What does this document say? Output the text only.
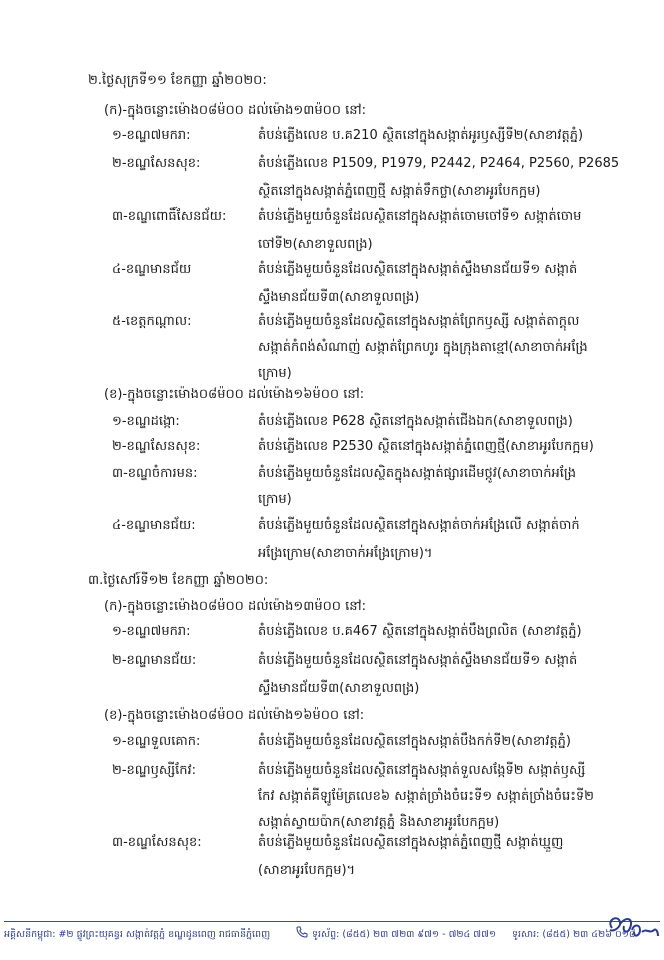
២.ថ្ងៃសុក្រទី១១ ខែកញ្ញា ឆ្នាំ២០២០:
(ក)-ក្នុងចន្លោះម៉ោង០៨ម៉០០ ដល់ម៉ោង១៣ម៉០០ នៅ:
១-ខណ្ឌ៧មករា:	តំបន់ភ្លើងលេខ ប.គ210 ស្ថិតនៅក្នុងសង្កាត់អូរឫស្សីទី២(សាខាវត្តភ្នំ)
២-ខណ្ឌសែនសុខ:	តំបន់ភ្លើងលេខ P1509, P1979, P2442, P2464, P2560, P2685
ស្ថិតនៅក្នុងសង្កាត់ភ្នំពេញថ្មី សង្កាត់ទឹកថ្លា(សាខាអូរបែកក្អម)
៣-ខណ្ឌពោធិ៍សែនជ័យ: តំបន់ភ្លើងមួយចំនួនដែលស្ថិតនៅក្នុងសង្កាត់ចោមចៅទី១ សង្កាត់ចោម
ចៅទី២(សាខាទួលពង្រ)
៤-ខណ្ឌមានជ័យ	តំបន់ភ្លើងមួយចំនួនដែលស្ថិតនៅក្នុងសង្កាត់ស្ទឹងមានជ័យទី១ សង្កាត់
ស្ទឹងមានជ័យទី៣(សាខាទួលពង្រ)
៥-ខេត្តកណ្ដាល:	តំបន់ភ្លើងមួយចំនួនដែលស្ថិតនៅក្នុងសង្កាត់ព្រែកឫស្សី សង្កាត់តាក្ដុល
សង្កាត់កំពង់សំណាញ់ សង្កាត់ព្រែកហូរ ក្នុងក្រុងតាខ្មៅ(សាខាចាក់អង្រែ
ក្រោម)
(ខ)-ក្នុងចន្លោះម៉ោង០៨ម៉០០ ដល់ម៉ោង១៦ម៉០០ នៅ:
១-ខណ្ឌដង្កោ:	តំបន់ភ្លើងលេខ P628 ស្ថិតនៅក្នុងសង្កាត់ជើងឯក(សាខាទួលពង្រ)
២-ខណ្ឌសែនសុខ:	តំបន់ភ្លើងលេខ P2530 ស្ថិតនៅក្នុងសង្កាត់ភ្នំពេញថ្មី(សាខាអូរបែកក្អម)
៣-ខណ្ឌចំការមន:	តំបន់ភ្លើងមួយចំនួនដែលស្ថិតក្នុងសង្កាត់ផ្សារដើមថ្កូវ(សាខាចាក់អង្រែ
ក្រោម)
៤-ខណ្ឌមានជ័យ:	តំបន់ភ្លើងមួយចំនួនដែលស្ថិតនៅក្នុងសង្កាត់ចាក់អង្រែលើ សង្កាត់ចាក់
អង្រែក្រោម(សាខាចាក់អង្រែក្រោម)។
៣.ថ្ងៃសៅរ៍ទី១២ ខែកញ្ញា ឆ្នាំ២០២០:
(ក)-ក្នុងចន្លោះម៉ោង០៨ម៉០០ ដល់ម៉ោង១៣ម៉០០ នៅ:
១-ខណ្ឌ៧មករា:	តំបន់ភ្លើងលេខ ប.គ467 ស្ថិតនៅក្នុងសង្កាត់បឹងព្រលិត (សាខាវត្តភ្នំ)
២-ខណ្ឌមានជ័យ:	តំបន់ភ្លើងមួយចំនួនដែលស្ថិតនៅក្នុងសង្កាត់ស្ទឹងមានជ័យទី១ សង្កាត់
ស្ទឹងមានជ័យទី៣(សាខាទួលពង្រ)
(ខ)-ក្នុងចន្លោះម៉ោង០៨ម៉០០ ដល់ម៉ោង១៦ម៉០០ នៅ:
១-ខណ្ឌទួលគោក:	តំបន់ភ្លើងមួយចំនួនដែលស្ថិតនៅក្នុងសង្កាត់បឹងកក់ទី២(សាខាវត្តភ្នំ)
២-ខណ្ឌឫស្សីកែវ:	តំបន់ភ្លើងមួយចំនួនដែលស្ថិតនៅក្នុងសង្កាត់ទួលសង្កែទី២ សង្កាត់ឫស្សី
កែវ សង្កាត់គីឡូម៉ែត្រលេខ៦ សង្កាត់ច្រាំងចំរេះទី១ សង្កាត់ច្រាំងចំរេះទី២
សង្កាត់ស្វាយប៉ាក(សាខាវត្តភ្នំ និងសាខាអូរបែកក្អម)
៣-ខណ្ឌសែនសុខ:	តំបន់ភ្លើងមួយចំនួនដែលស្ថិតនៅក្នុងសង្កាត់ភ្នំពេញថ្មី សង្កាត់ឃ្មួញ
(សាខាអូរបែកក្អម)។
អគ្គិសនីកម្ពុជា: #២ ផ្លូវព្រះយុគន្ធរ សង្កាត់វត្តភ្នំ ខណ្ឌដូនពេញ រាជធានីភ្នំពេញ	ទូរស័ព្ទ: (៨៥៥) ២៣ ៧២៣ ៩៧១ - ៧២៤ ៧៧១ ទូរសារ: (៨៥៥) ២៣ ៤២៦ ០១៨
